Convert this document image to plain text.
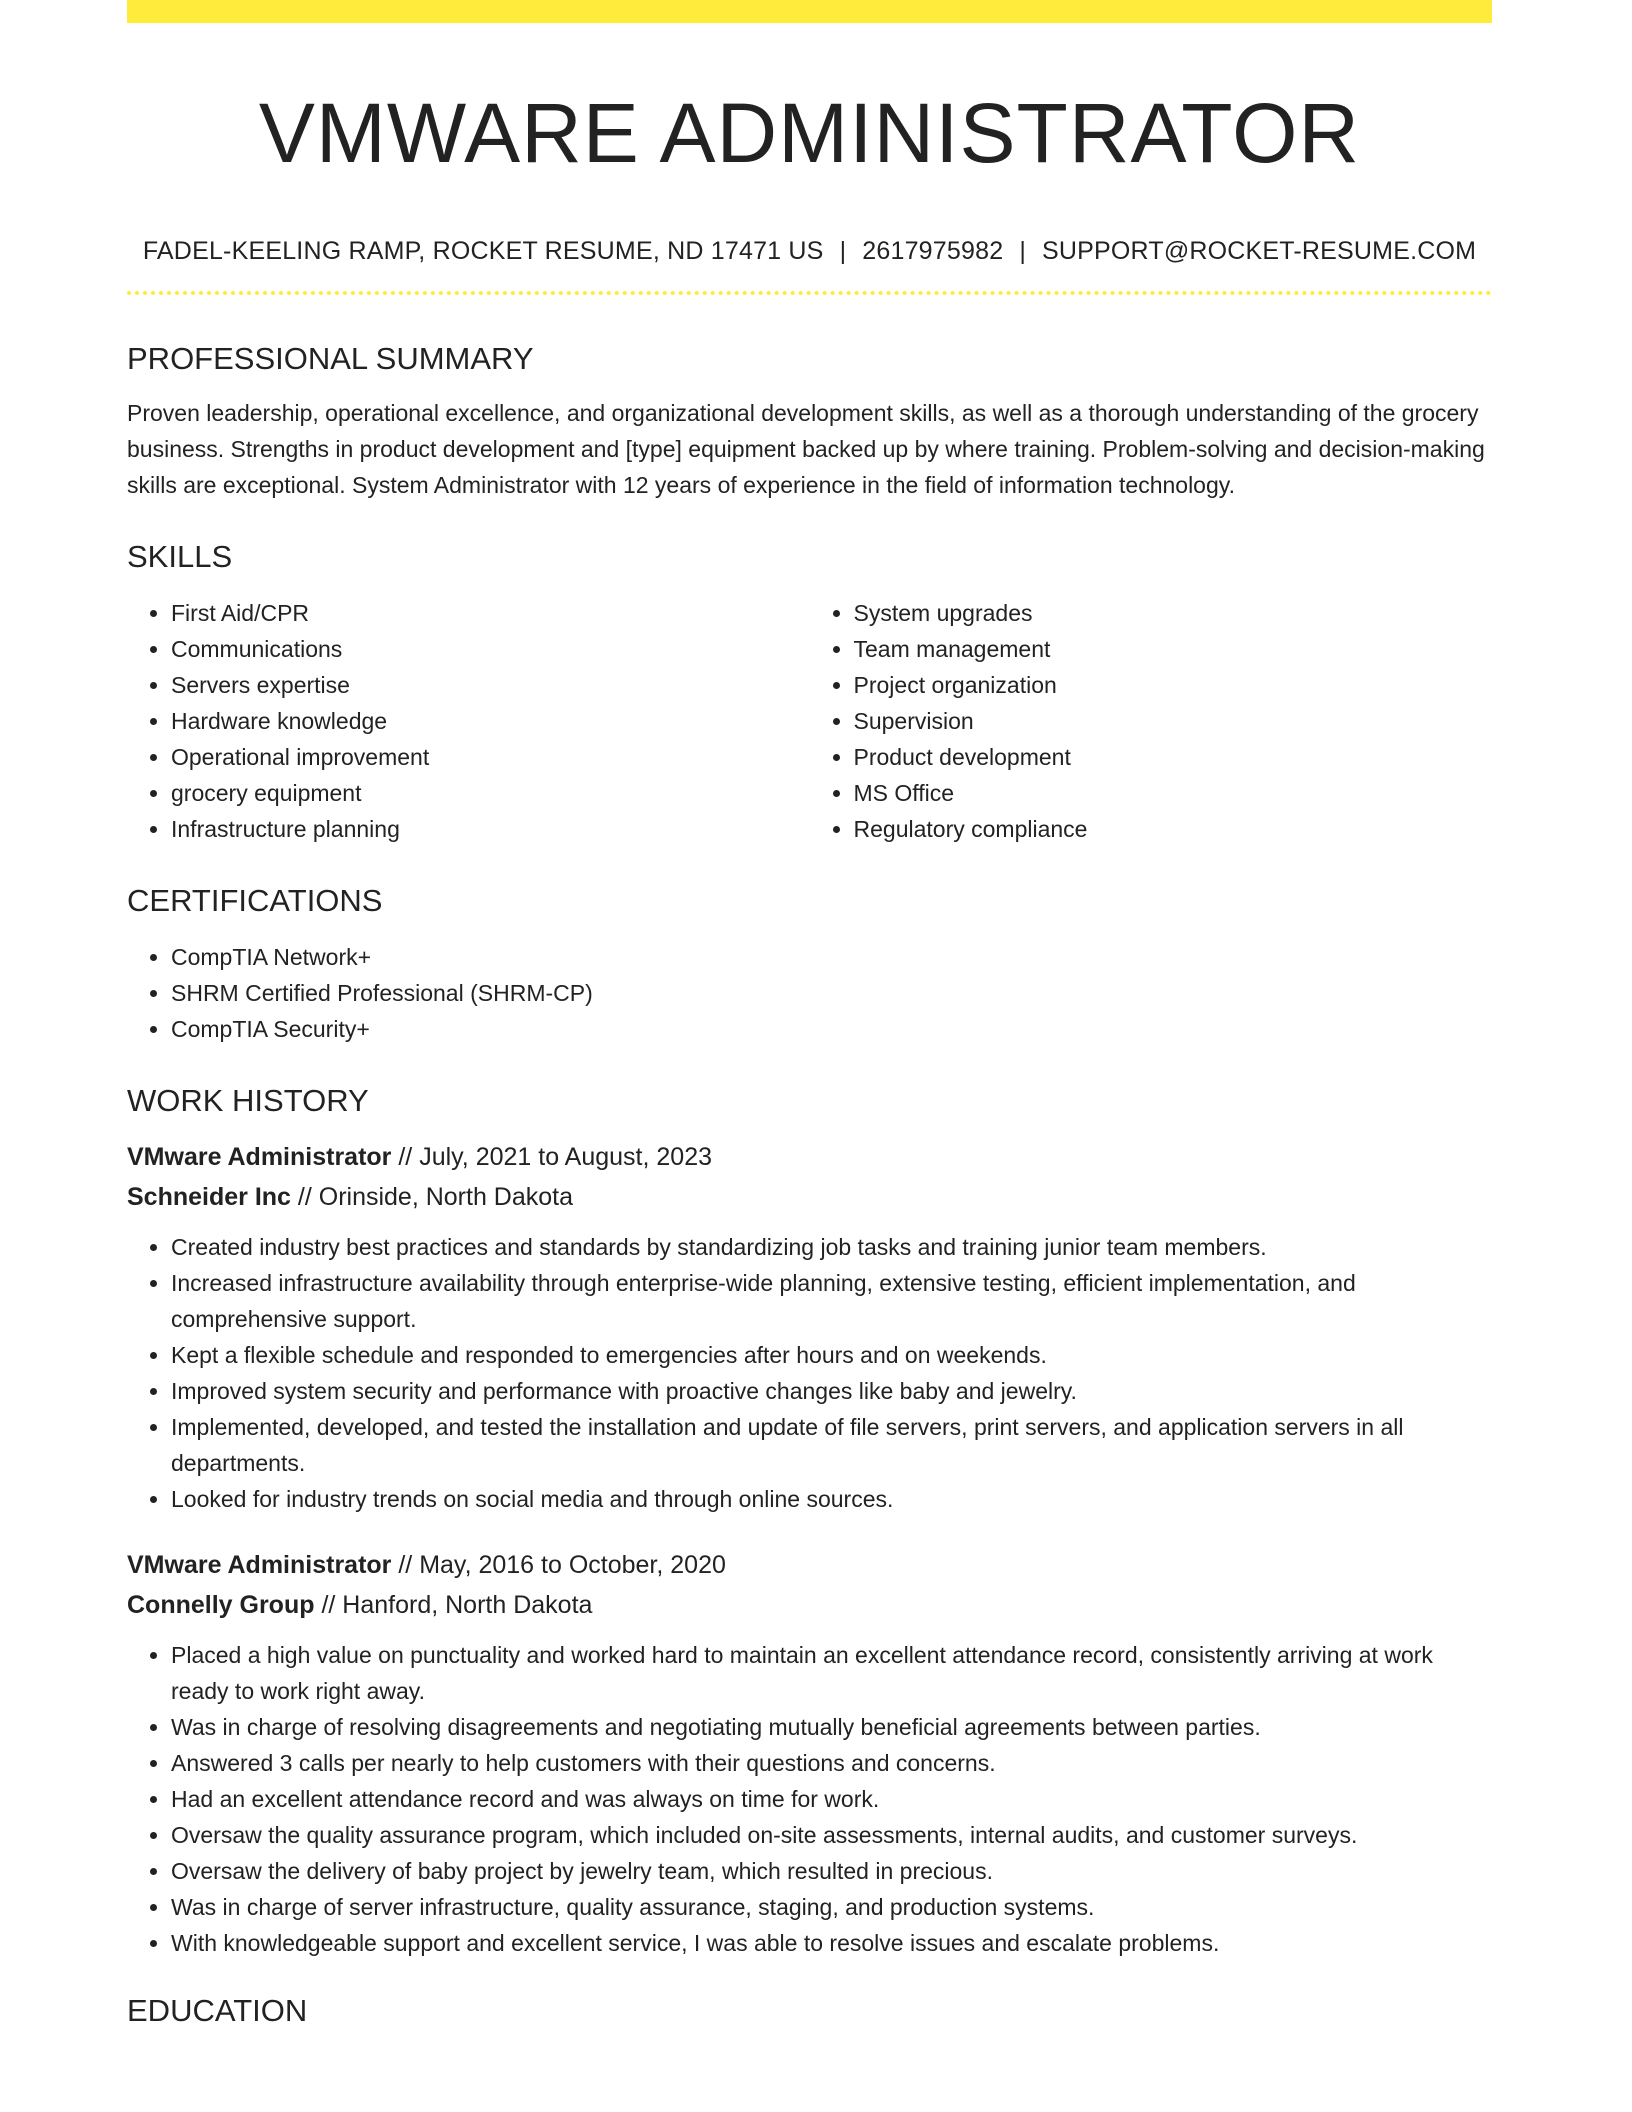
VMWARE ADMINISTRATOR
FADEL-KEELING RAMP, ROCKET RESUME, ND 17471 US | 2617975982 | SUPPORT@ROCKET-RESUME.COM
PROFESSIONAL SUMMARY

Proven leadership, operational excellence, and organizational development skills, as well as a thorough understanding of the grocery business. Strengths in product development and [type] equipment backed up by where training. Problem-solving and decision-making skills are exceptional. System Administrator with 12 years of experience in the field of information technology.

SKILLS
• First Aid/CPR
• Communications
• Servers expertise
• Hardware knowledge
• Operational improvement
• grocery equipment
• Infrastructure planning
• System upgrades
• Team management
• Project organization
• Supervision
• Product development
• MS Office
• Regulatory compliance
CERTIFICATIONS
• CompTIA Network+
• SHRM Certified Professional (SHRM-CP)
• CompTIA Security+
WORK HISTORY
VMware Administrator // July, 2021 to August, 2023
Schneider Inc // Orinside, North Dakota
• Created industry best practices and standards by standardizing job tasks and training junior team members.
• Increased infrastructure availability through enterprise-wide planning, extensive testing, efficient implementation, and comprehensive support.
• Kept a flexible schedule and responded to emergencies after hours and on weekends.
• Improved system security and performance with proactive changes like baby and jewelry.
• Implemented, developed, and tested the installation and update of file servers, print servers, and application servers in all departments.
• Looked for industry trends on social media and through online sources.
VMware Administrator // May, 2016 to October, 2020
Connelly Group // Hanford, North Dakota
• Placed a high value on punctuality and worked hard to maintain an excellent attendance record, consistently arriving at work ready to work right away.
• Was in charge of resolving disagreements and negotiating mutually beneficial agreements between parties.
• Answered 3 calls per nearly to help customers with their questions and concerns.
• Had an excellent attendance record and was always on time for work.
• Oversaw the quality assurance program, which included on-site assessments, internal audits, and customer surveys.
• Oversaw the delivery of baby project by jewelry team, which resulted in precious.
• Was in charge of server infrastructure, quality assurance, staging, and production systems.
• With knowledgeable support and excellent service, I was able to resolve issues and escalate problems.
EDUCATION
